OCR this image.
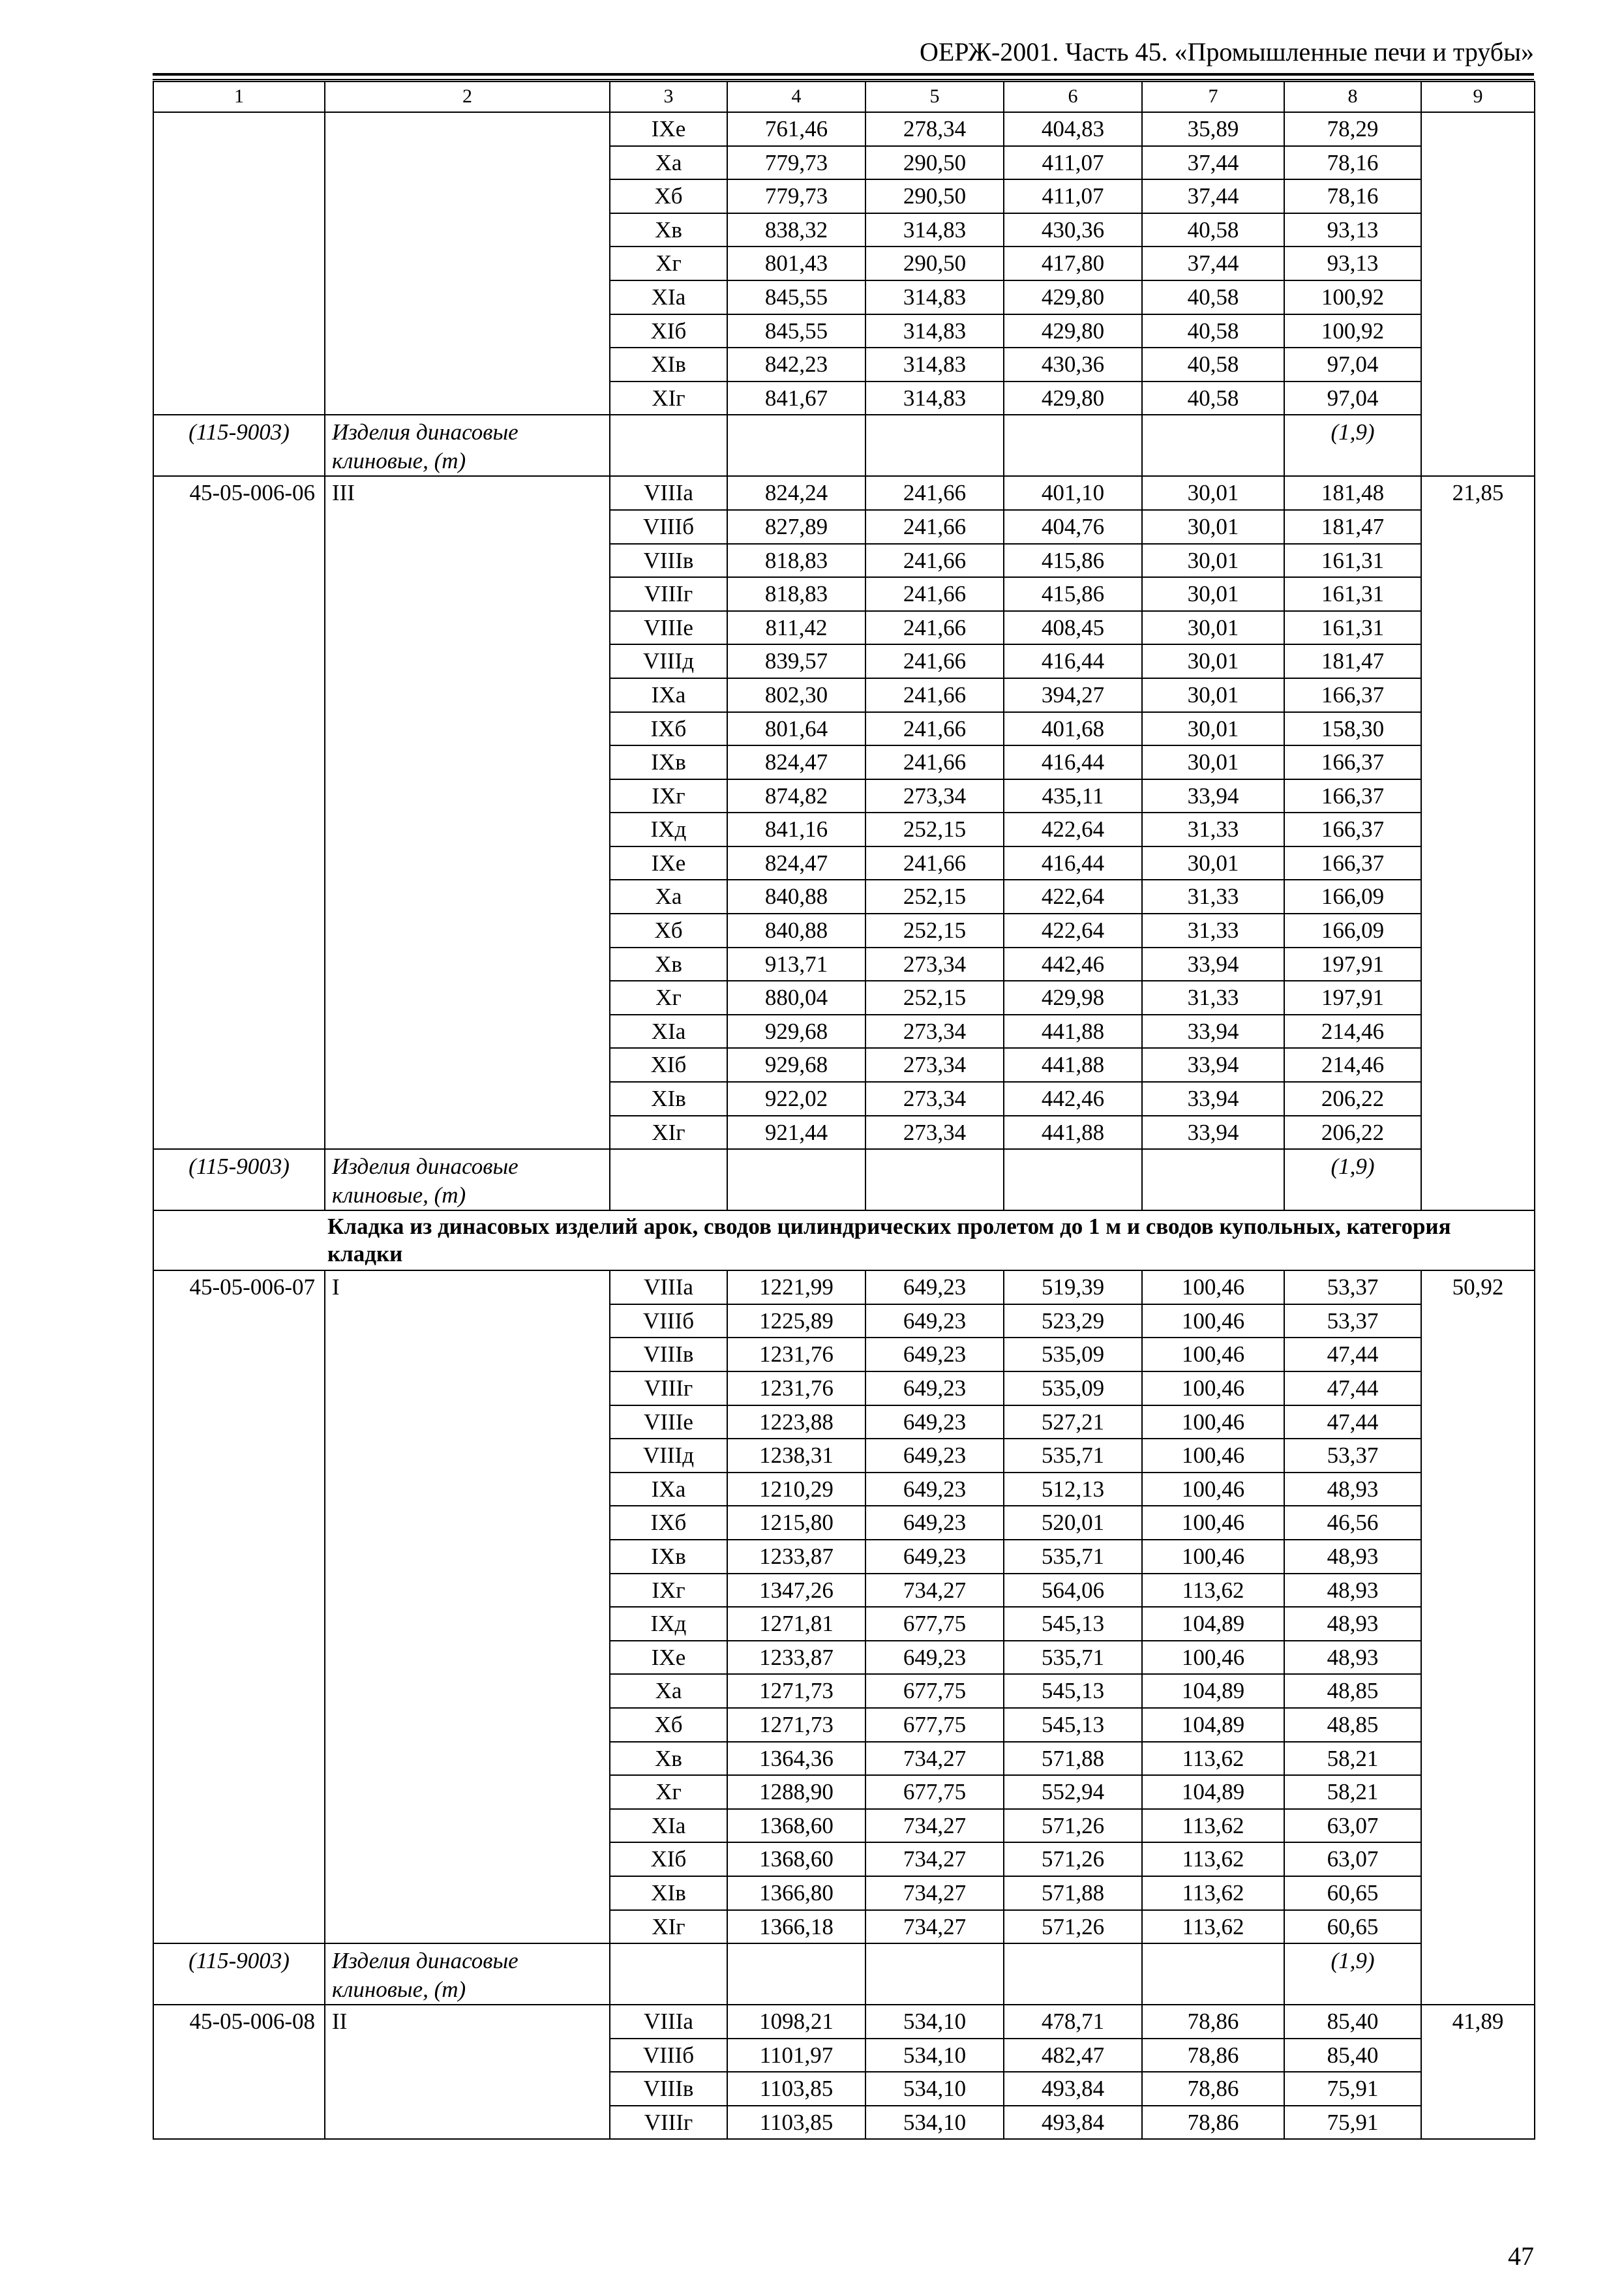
ОЕРЖ-2001. Часть 45. «Промышленные печи и трубы»
1	2	3	4	5	6	7	8	9
		IXе	761,46	278,34	404,83	35,89	78,29	
		Xа	779,73	290,50	411,07	37,44	78,16	
		Xб	779,73	290,50	411,07	37,44	78,16	
		Xв	838,32	314,83	430,36	40,58	93,13	
		Xг	801,43	290,50	417,80	37,44	93,13	
		XIа	845,55	314,83	429,80	40,58	100,92	
		XIб	845,55	314,83	429,80	40,58	100,92	
		XIв	842,23	314,83	430,36	40,58	97,04	
		XIг	841,67	314,83	429,80	40,58	97,04	
(115-9003)	Изделия динасовые клиновые, (т)						(1,9)	
45-05-006-06	III	VIIIа	824,24	241,66	401,10	30,01	181,48	21,85
		VIIIб	827,89	241,66	404,76	30,01	181,47	
		VIIIв	818,83	241,66	415,86	30,01	161,31	
		VIIIг	818,83	241,66	415,86	30,01	161,31	
		VIIIе	811,42	241,66	408,45	30,01	161,31	
		VIIIд	839,57	241,66	416,44	30,01	181,47	
		IXа	802,30	241,66	394,27	30,01	166,37	
		IXб	801,64	241,66	401,68	30,01	158,30	
		IXв	824,47	241,66	416,44	30,01	166,37	
		IXг	874,82	273,34	435,11	33,94	166,37	
		IXд	841,16	252,15	422,64	31,33	166,37	
		IXе	824,47	241,66	416,44	30,01	166,37	
		Xа	840,88	252,15	422,64	31,33	166,09	
		Xб	840,88	252,15	422,64	31,33	166,09	
		Xв	913,71	273,34	442,46	33,94	197,91	
		Xг	880,04	252,15	429,98	31,33	197,91	
		XIа	929,68	273,34	441,88	33,94	214,46	
		XIб	929,68	273,34	441,88	33,94	214,46	
		XIв	922,02	273,34	442,46	33,94	206,22	
		XIг	921,44	273,34	441,88	33,94	206,22	
(115-9003)	Изделия динасовые клиновые, (т)						(1,9)	
Кладка из динасовых изделий арок, сводов цилиндрических пролетом до 1 м и сводов купольных, категория кладки								
45-05-006-07	I	VIIIа	1221,99	649,23	519,39	100,46	53,37	50,92
		VIIIб	1225,89	649,23	523,29	100,46	53,37	
		VIIIв	1231,76	649,23	535,09	100,46	47,44	
		VIIIг	1231,76	649,23	535,09	100,46	47,44	
		VIIIе	1223,88	649,23	527,21	100,46	47,44	
		VIIIд	1238,31	649,23	535,71	100,46	53,37	
		IXа	1210,29	649,23	512,13	100,46	48,93	
		IXб	1215,80	649,23	520,01	100,46	46,56	
		IXв	1233,87	649,23	535,71	100,46	48,93	
		IXг	1347,26	734,27	564,06	113,62	48,93	
		IXд	1271,81	677,75	545,13	104,89	48,93	
		IXе	1233,87	649,23	535,71	100,46	48,93	
		Xа	1271,73	677,75	545,13	104,89	48,85	
		Xб	1271,73	677,75	545,13	104,89	48,85	
		Xв	1364,36	734,27	571,88	113,62	58,21	
		Xг	1288,90	677,75	552,94	104,89	58,21	
		XIа	1368,60	734,27	571,26	113,62	63,07	
		XIб	1368,60	734,27	571,26	113,62	63,07	
		XIв	1366,80	734,27	571,88	113,62	60,65	
		XIг	1366,18	734,27	571,26	113,62	60,65	
(115-9003)	Изделия динасовые клиновые, (т)						(1,9)	
45-05-006-08	II	VIIIа	1098,21	534,10	478,71	78,86	85,40	41,89
		VIIIб	1101,97	534,10	482,47	78,86	85,40	
		VIIIв	1103,85	534,10	493,84	78,86	75,91	
		VIIIг	1103,85	534,10	493,84	78,86	75,91	
47
